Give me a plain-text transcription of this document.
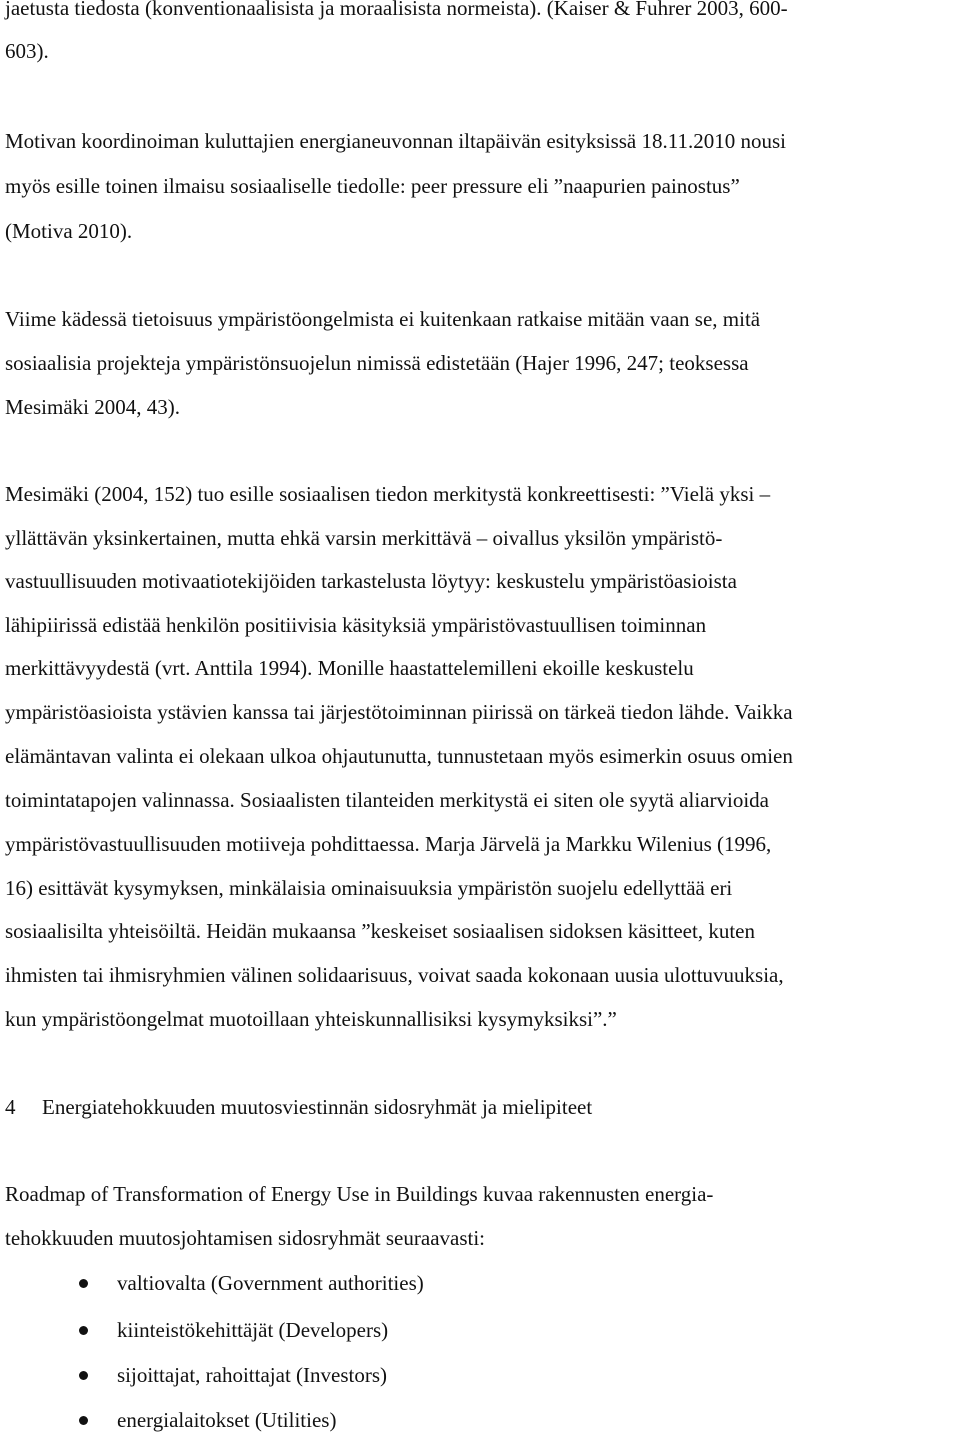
jaetusta tiedosta (konventionaalisista ja moraalisista normeista). (Kaiser & Fuhrer 2003, 600-

603).

Motivan koordinoiman kuluttajien energianeuvonnan iltapäivän esityksissä 18.11.2010 nousi

myös esille toinen ilmaisu sosiaaliselle tiedolle: peer pressure eli ”naapurien painostus”

(Motiva 2010).

Viime kädessä tietoisuus ympäristöongelmista ei kuitenkaan ratkaise mitään vaan se, mitä

sosiaalisia projekteja ympäristönsuojelun nimissä edistetään (Hajer 1996, 247; teoksessa

Mesimäki 2004, 43).

Mesimäki (2004, 152) tuo esille sosiaalisen tiedon merkitystä konkreettisesti: ”Vielä yksi –

yllättävän yksinkertainen, mutta ehkä varsin merkittävä – oivallus yksilön ympäristö-

vastuullisuuden motivaatiotekijöiden tarkastelusta löytyy: keskustelu ympäristöasioista

lähipiirissä edistää henkilön positiivisia käsityksiä ympäristövastuullisen toiminnan

merkittävyydestä (vrt. Anttila 1994). Monille haastattelemilleni ekoille keskustelu

ympäristöasioista ystävien kanssa tai järjestötoiminnan piirissä on tärkeä tiedon lähde. Vaikka

elämäntavan valinta ei olekaan ulkoa ohjautunutta, tunnustetaan myös esimerkin osuus omien

toimintatapojen valinnassa. Sosiaalisten tilanteiden merkitystä ei siten ole syytä aliarvioida

ympäristövastuullisuuden motiiveja pohdittaessa. Marja Järvelä ja Markku Wilenius (1996,

16) esittävät kysymyksen, minkälaisia ominaisuuksia ympäristön suojelu edellyttää eri

sosiaalisilta yhteisöiltä. Heidän mukaansa ”keskeiset sosiaalisen sidoksen käsitteet, kuten

ihmisten tai ihmisryhmien välinen solidaarisuus, voivat saada kokonaan uusia ulottuvuuksia,

kun ympäristöongelmat muotoillaan yhteiskunnallisiksi kysymyksiksi”.”

4 Energiatehokkuuden muutosviestinnän sidosryhmät ja mielipiteet

Roadmap of Transformation of Energy Use in Buildings kuvaa rakennusten energia-

tehokkuuden muutosjohtamisen sidosryhmät seuraavasti:

valtiovalta (Government authorities)
kiinteistökehittäjät (Developers)
sijoittajat, rahoittajat (Investors)
energialaitokset (Utilities)
